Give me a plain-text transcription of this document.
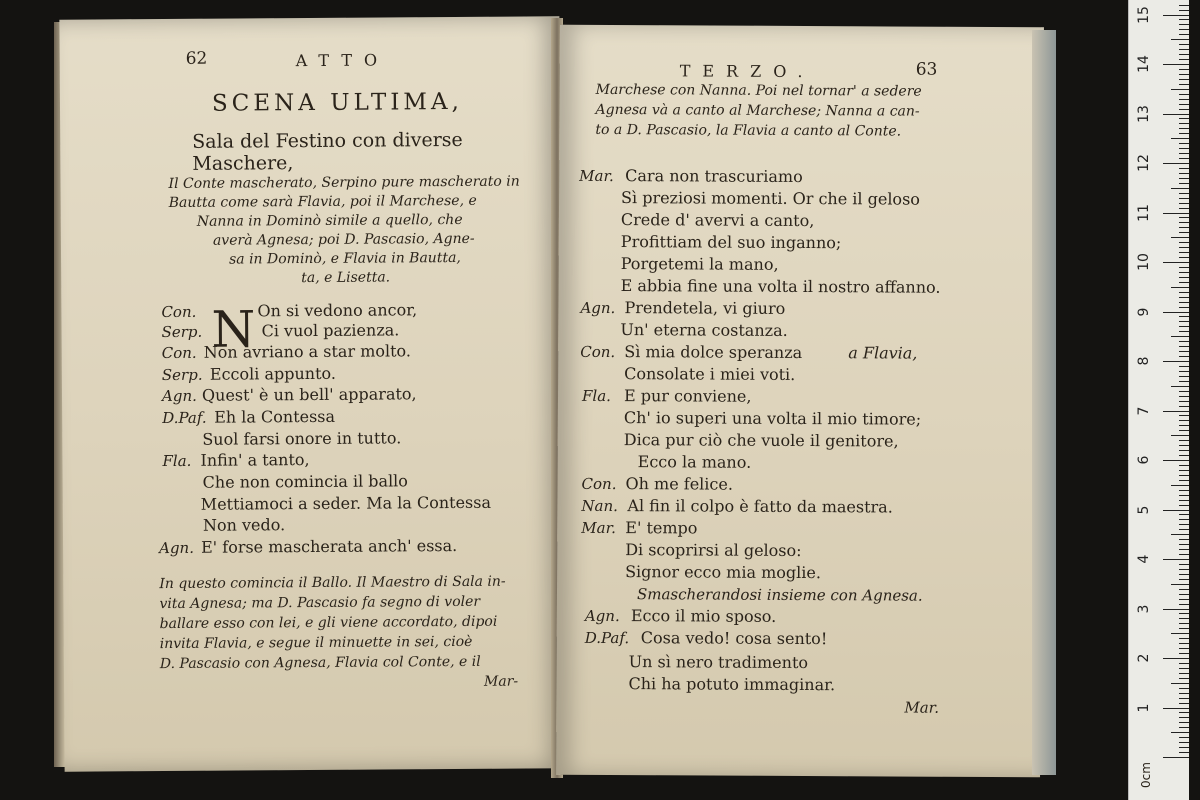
62	ATTO
SCENA ULTIMA,
Sala del Festino con diverse Maschere,
Il Conte mascherato, Serpino pure mascherato in
Bautta come sarà Flavia, poi il Marchese, e
Nanna in Dominò simile a quello, che
averà Agnesa; poi D. Pascasio, Agne-
sa in Dominò, e Flavia in Bautta,
ta, e Lisetta.
N
Con.	On si vedono ancor,
Serp.	Ci vuol pazienza.
Con. Non avriano a star molto.
Serp. Eccoli appunto.
Agn. Quest' è un bell' apparato,
D.Paf. Eh la Contessa
Suol farsi onore in tutto.
Fla. Infin' a tanto,
Che non comincia il ballo
Mettiamoci a seder. Ma la Contessa
Non vedo.
Agn. E' forse mascherata anch' essa.
In questo comincia il Ballo. Il Maestro di Sala in-
vita Agnesa; ma D. Pascasio fa segno di voler
ballare esso con lei, e gli viene accordato, dipoi
invita Flavia, e segue il minuette in sei, cioè
D. Pascasio con Agnesa, Flavia col Conte, e il
Mar-
TERZO.	63
Marchese con Nanna. Poi nel tornar' a sedere
Agnesa và a canto al Marchese; Nanna a can-
to a D. Pascasio, la Flavia a canto al Conte.
Mar. Cara non trascuriamo
Sì preziosi momenti. Or che il geloso
Crede d' avervi a canto,
Profittiam del suo inganno;
Porgetemi la mano,
E abbia fine una volta il nostro affanno.
Agn. Prendetela, vi giuro
Un' eterna costanza.
Con. Sì mia dolce speranza	a Flavia,
Consolate i miei voti.
Fla. E pur conviene,
Ch' io superi una volta il mio timore;
Dica pur ciò che vuole il genitore,
Ecco la mano.
Con. Oh me felice.
Nan. Al fin il colpo è fatto da maestra.
Mar. E' tempo
Di scoprirsi al geloso:
Signor ecco mia moglie.
Smascherandosi insieme con Agnesa.
Agn. Ecco il mio sposo.
D.Paf. Cosa vedo! cosa sento!
Un sì nero tradimento
Chi ha potuto immaginar.
Mar.	1
2
3
4
5
6
7
8
9
10
11
12
13
14
15
0cm
